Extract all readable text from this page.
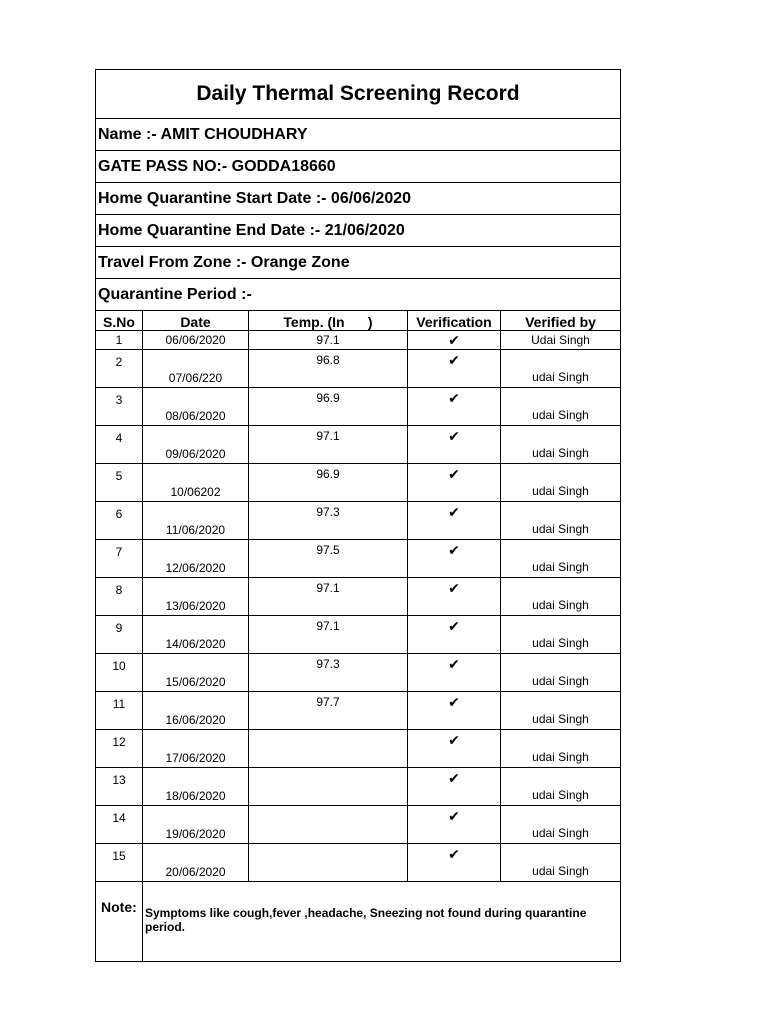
Daily Thermal Screening Record				
Name :- AMIT CHOUDHARY				
GATE PASS NO:- GODDA18660				
Home Quarantine Start Date :- 06/06/2020				
Home Quarantine End Date :- 21/06/2020				
Travel From Zone :- Orange Zone				
Quarantine Period :-				
S.No	Date	Temp. (In      )	Verification	Verified by
1	06/06/2020	97.1	✔	Udai Singh
2	07/06/220	96.8	✔	udai Singh
3	08/06/2020	96.9	✔	udai Singh
4	09/06/2020	97.1	✔	udai Singh
5	10/06202	96.9	✔	udai Singh
6	11/06/2020	97.3	✔	udai Singh
7	12/06/2020	97.5	✔	udai Singh
8	13/06/2020	97.1	✔	udai Singh
9	14/06/2020	97.1	✔	udai Singh
10	15/06/2020	97.3	✔	udai Singh
11	16/06/2020	97.7	✔	udai Singh
12	17/06/2020		✔	udai Singh
13	18/06/2020		✔	udai Singh
14	19/06/2020		✔	udai Singh
15	20/06/2020		✔	udai Singh
Note:	Symptoms like cough,fever ,headache, Sneezing not found during quarantine period.			
